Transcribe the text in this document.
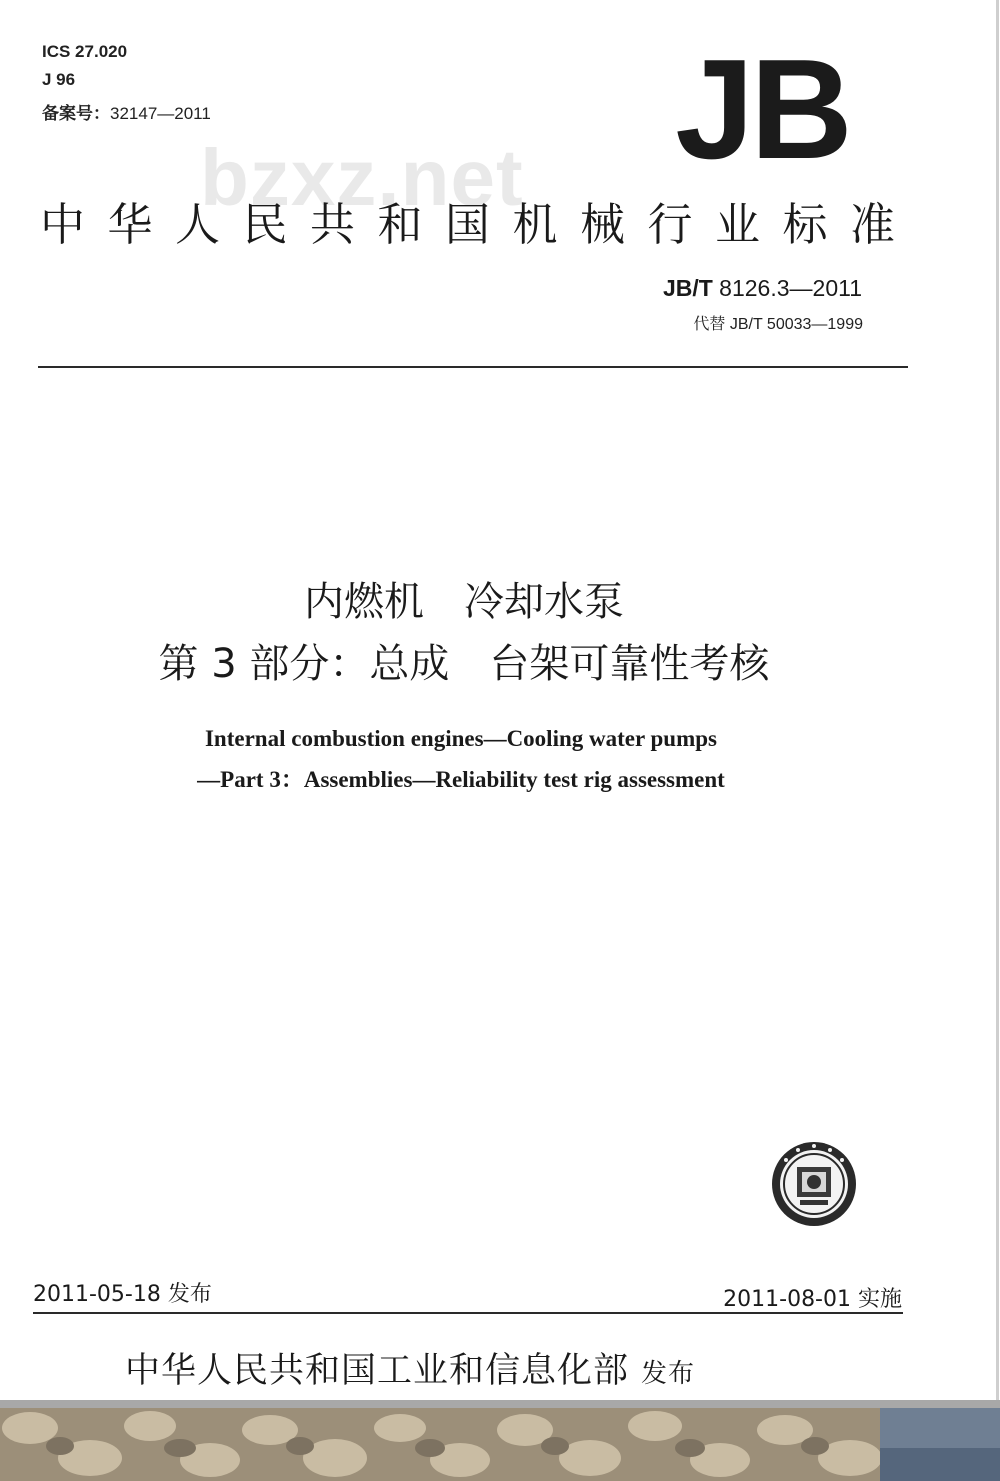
ICS 27.020
J 96
备案号：32147—2011
bzxz.net JB
中华人民共和国机械行业标准
JB/T 8126.3—2011
代替 JB/T 50033—1999
内燃机　冷却水泵
第 3 部分：总成　台架可靠性考核
Internal combustion engines—Cooling water pumps
—Part 3：Assemblies—Reliability test rig assessment
2011-05-18 发布	2011-08-01 实施
中华人民共和国工业和信息化部 发布
